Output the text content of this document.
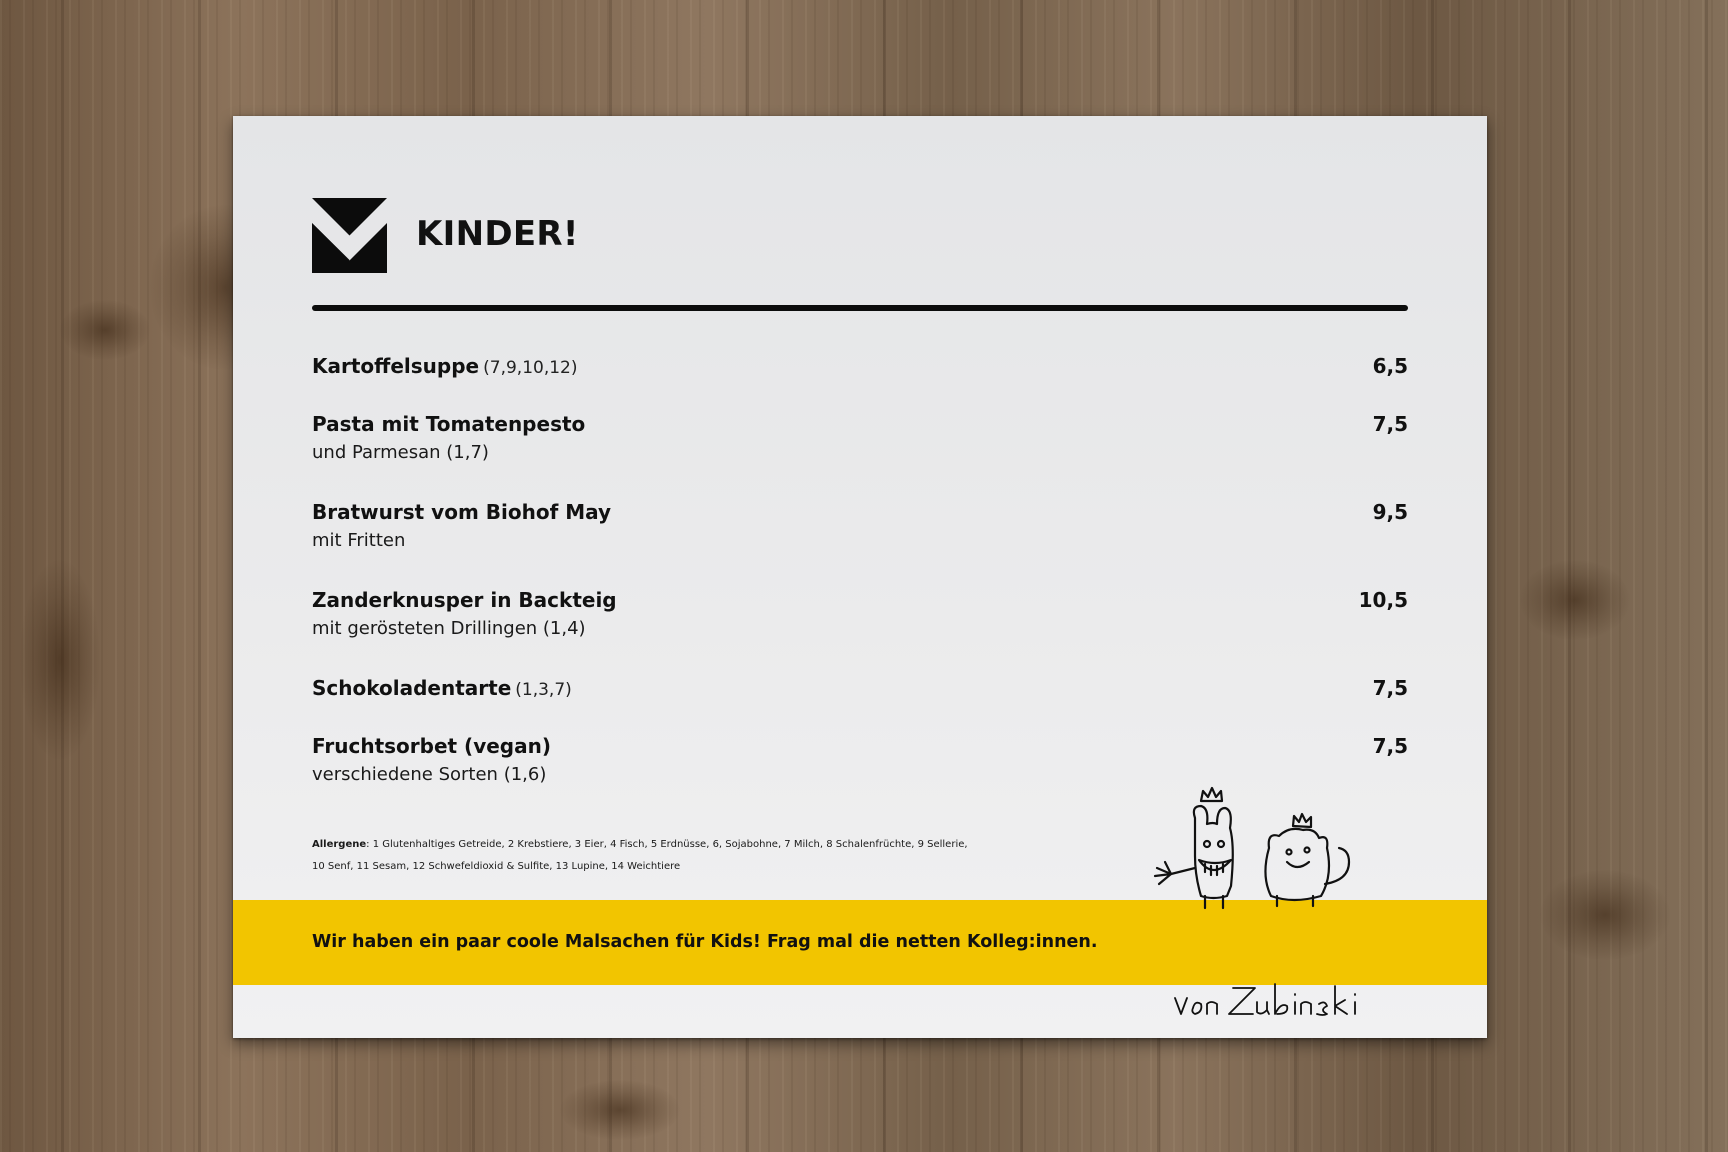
KINDER!
Kartoffelsuppe (7,9,10,12)	6,5
Pasta mit Tomatenpesto
und Parmesan (1,7)
7,5
Bratwurst vom Biohof May
mit Fritten
9,5
Zanderknusper in Backteig
mit gerösteten Drillingen (1,4)
10,5
Schokoladentarte (1,3,7)	7,5
Fruchtsorbet (vegan)
verschiedene Sorten (1,6)
7,5
Allergene: 1 Glutenhaltiges Getreide, 2 Krebstiere, 3 Eier, 4 Fisch, 5 Erdnüsse, 6, Sojabohne, 7 Milch, 8 Schalenfrüchte, 9 Sellerie,
10 Senf, 11 Sesam, 12 Schwefeldioxid & Sulfite, 13 Lupine, 14 Weichtiere

Wir haben ein paar coole Malsachen für Kids! Frag mal die netten Kolleg:innen.
